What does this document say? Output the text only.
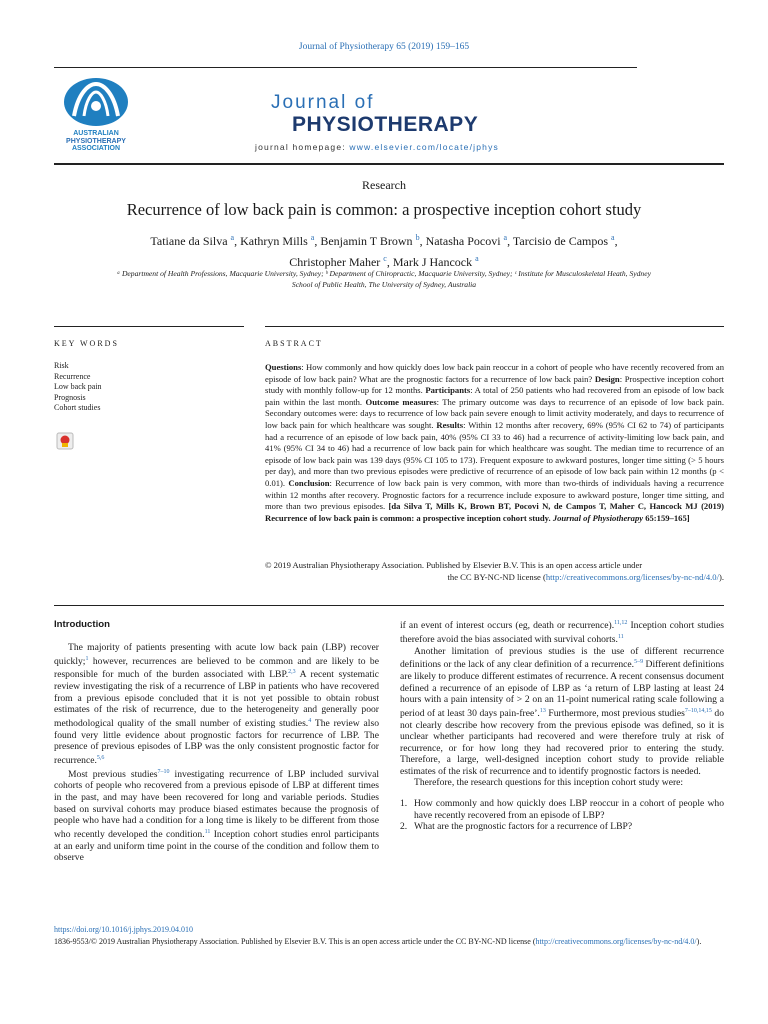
Journal of Physiotherapy 65 (2019) 159–165
AUSTRALIAN
PHYSIOTHERAPY
ASSOCIATION
Journal of
PHYSIOTHERAPY
journal homepage: www.elsevier.com/locate/jphys
Research
Recurrence of low back pain is common: a prospective inception cohort study
Tatiane da Silva $^a$, Kathryn Mills $^a$, Benjamin T Brown $^b$, Natasha Pocovi $^a$, Tarcisio de Campos $^a$,
Christopher Maher $^c$, Mark J Hancock $^a$
ᵃ Department of Health Professions, Macquarie University, Sydney; ᵇ Department of Chiropractic, Macquarie University, Sydney; ᶜ Institute for Musculoskeletal Heath, Sydney
School of Public Health, The University of Sydney, Australia
KEY WORDS	ABSTRACT
Risk
Recurrence
Low back pain
Prognosis
Cohort studies
Questions: How commonly and how quickly does low back pain reoccur in a cohort of people who have recently recovered from an episode of low back pain? What are the prognostic factors for a recurrence of low back pain? Design: Prospective inception cohort study with monthly follow-up for 12 months. Participants: A total of 250 patients who had recovered from an episode of low back pain within the last month. Outcome measures: The primary outcome was days to recurrence of an episode of low back pain. Secondary outcomes were: days to recurrence of low back pain severe enough to limit activity moderately, and days to recurrence of low back pain for which healthcare was sought. Results: Within 12 months after recovery, 69% (95% CI 62 to 74) of participants had a recurrence of an episode of low back pain, 40% (95% CI 33 to 46) had a recurrence of activity-limiting low back pain, and 41% (95% CI 34 to 46) had a recurrence of low back pain for which healthcare was sought. The median time to recurrence of an episode of low back pain was 139 days (95% CI 105 to 173). Frequent exposure to awkward postures, longer time sitting (> 5 hours per day), and more than two previous episodes were predictive of recurrence of an episode of low back pain within 12 months (p < 0.01). Conclusion: Recurrence of low back pain is very common, with more than two-thirds of individuals having a recurrence within 12 months after recovery. Prognostic factors for a recurrence include exposure to awkward posture, longer time sitting, and more than two previous episodes. [da Silva T, Mills K, Brown BT, Pocovi N, de Campos T, Maher C, Hancock MJ (2019) Recurrence of low back pain is common: a prospective inception cohort study. Journal of Physiotherapy 65:159–165]
© 2019 Australian Physiotherapy Association. Published by Elsevier B.V. This is an open access article under
the CC BY-NC-ND license (http://creativecommons.org/licenses/by-nc-nd/4.0/).
Introduction

The majority of patients presenting with acute low back pain (LBP) recover quickly;$^1$ however, recurrences are believed to be common and are likely to be responsible for much of the burden associated with LBP.$^{2,3}$ A recent systematic review investigating the risk of a recurrence of LBP in patients who have recovered from a previous episode concluded that it is not yet possible to obtain robust estimates of the risk of recurrence, due to the heterogeneity and generally poor methodological quality of the small number of existing studies.$^4$ The review also found very little evidence about prognostic factors for recurrence of LBP. The presence of previous episodes of LBP was the only consistent prognostic factor for recurrence.$^{5,6}$

Most previous studies$^{7-10}$ investigating recurrence of LBP included survival cohorts of people who recovered from a previous episode of LBP at different times in the past, and may have been recovered for long and variable periods. Studies based on survival cohorts may produce biased estimates because the prognosis of people who have had a condition for a long time is likely to be different from those who recently developed the condition.$^{11}$ Inception cohort studies enrol participants at an early and uniform time point in the course of the condition and follow them to observe

if an event of interest occurs (eg, death or recurrence).$^{11,12}$ Inception cohort studies therefore avoid the bias associated with survival cohorts.$^{11}$

Another limitation of previous studies is the use of different recurrence definitions or the lack of any clear definition of a recurrence.$^{5-9}$ Different definitions are likely to produce different estimates of recurrence. A recent consensus document defined a recurrence of an episode of LBP as ‘a return of LBP lasting at least 24 hours with a pain intensity of > 2 on an 11-point numerical rating scale following a period of at least 30 days pain-free’.$^{13}$ Furthermore, most previous studies$^{7-10,14,15}$ do not clearly describe how recovery from the previous episode was defined, so it is unclear whether participants had recovered and were therefore truly at risk of recurrence, or for how long they had recovered prior to entering the study. Therefore, a large, well-designed inception cohort study to provide reliable estimates of the risk of recurrence and to identify prognostic factors is needed.

Therefore, the research questions for this inception cohort study were:

1. How commonly and how quickly does LBP reoccur in a cohort of people who have recently recovered from an episode of LBP?
2. What are the prognostic factors for a recurrence of LBP?
https://doi.org/10.1016/j.jphys.2019.04.010
1836-9553/© 2019 Australian Physiotherapy Association. Published by Elsevier B.V. This is an open access article under the CC BY-NC-ND license (http://creativecommons.org/licenses/by-nc-nd/4.0/).
